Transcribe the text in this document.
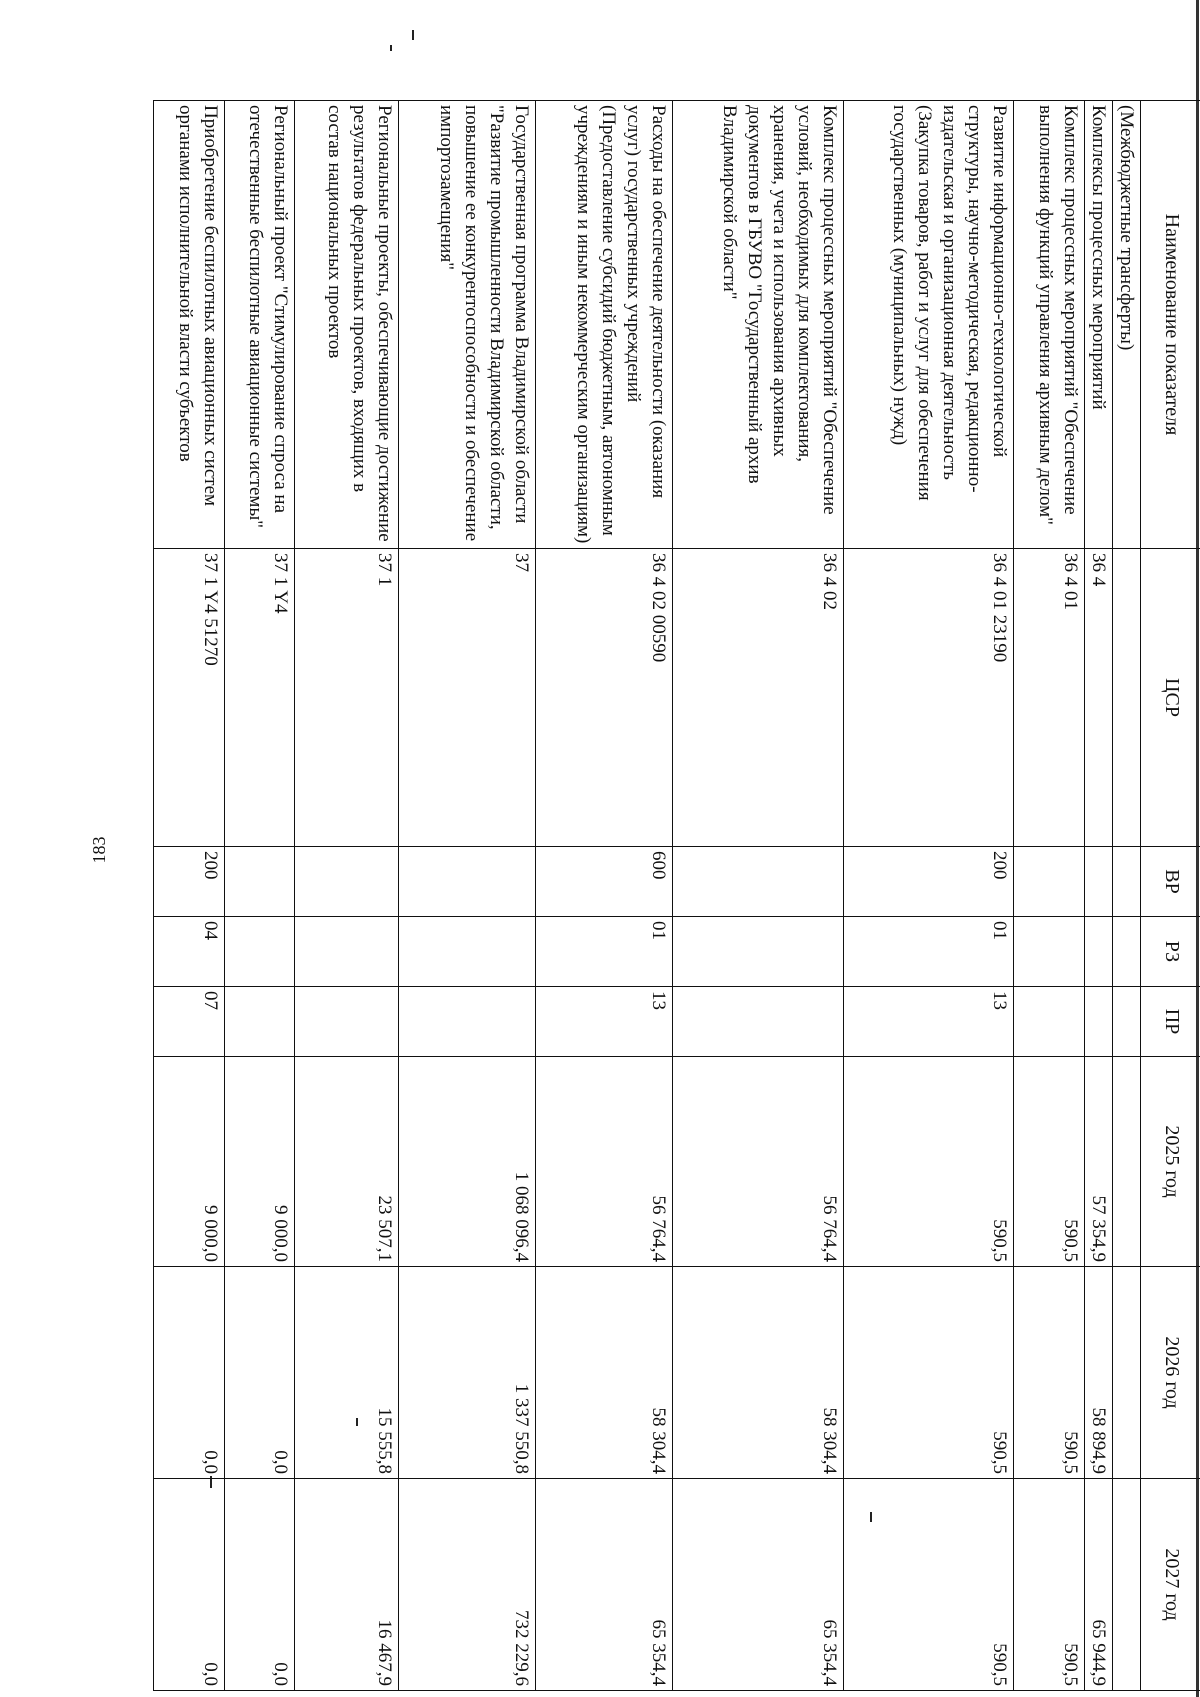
183
Наименование показателя	ЦСР	ВР	РЗ	ПР	2025 год	2026 год	2027 год
(Межбюджетные трансферты)							
Комплексы процессных мероприятий	36 4				57 354,9	58 894,9	65 944,9
Комплекс процессных мероприятий "Обеспечение выполнения функций управления архивным делом"	36 4 01				590,5	590,5	590,5
Развитие информационно-технологической структуры, научно-методическая, редакционно-издательская и организационная деятельность (Закупка товаров, работ и услуг для обеспечения государственных (муниципальных) нужд)	36 4 01 23190	200	01	13	590,5	590,5	590,5
Комплекс процессных мероприятий "Обеспечение условий, необходимых для комплектования, хранения, учета и использования архивных документов в ГБУВО "Государственный архив Владимирской области"	36 4 02				56 764,4	58 304,4	65 354,4
Расходы на обеспечение деятельности (оказания услуг) государственных учреждений (Предоставление субсидий бюджетным, автономным учреждениям и иным некоммерческим организациям)	36 4 02 00590	600	01	13	56 764,4	58 304,4	65 354,4
Государственная программа Владимирской области "Развитие промышленности Владимирской области, повышение ее конкурентоспособности и обеспечение импортозамещения"	37				1 068 096,4	1 337 550,8	732 229,6
Региональные проекты, обеспечивающие достижение результатов федеральных проектов, входящих в состав национальных проектов	37 1				23 507,1	15 555,8	16 467,9
Региональный проект "Стимулирование спроса на отечественные беспилотные авиационные системы"	37 1 Y4				9 000,0	0,0	0,0
Приобретение беспилотных авиационных систем органами исполнительной власти субъектов	37 1 Y4 51270	200	04	07	9 000,0	0,0	0,0
